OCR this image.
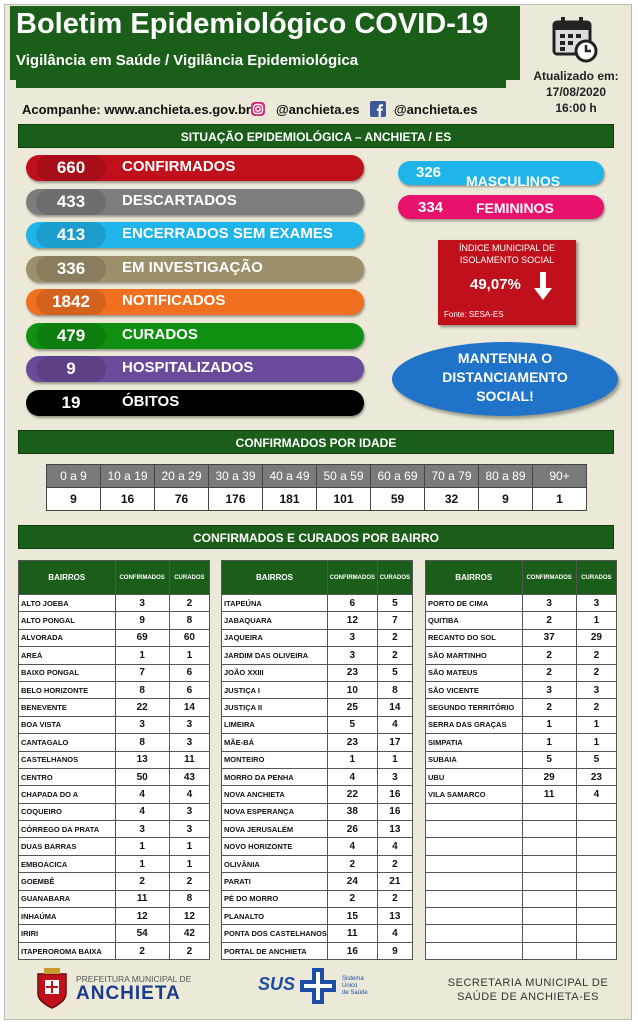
Boletim Epidemiológico COVID-19
Vigilância em Saúde / Vigilância Epidemiológica
Atualizado em:
17/08/2020
16:00 h
Acompanhe: www.anchieta.es.gov.br @anchieta.es	@anchieta.es
SITUAÇÃO EPIDEMIOLÓGICA – ANCHIETA / ES
660	CONFIRMADOS
433	DESCARTADOS
413	ENCERRADOS SEM EXAMES
336	EM INVESTIGAÇÃO
1842	NOTIFICADOS
479	CURADOS
9	HOSPITALIZADOS
19	ÓBITOS
326 MASCULINOS
334 FEMININOS
ÍNDICE MUNICIPAL DE ISOLAMENTO SOCIAL
49,07%
Fonte: SESA-ES
MANTENHA O DISTANCIAMENTO SOCIAL!
CONFIRMADOS POR IDADE
0 a 9	10 a 19	20 a 29	30 a 39	40 a 49	50 a 59	60 a 69	70 a 79	80 a 89	90+
9	16	76	176	181	101	59	32	9	1
CONFIRMADOS E CURADOS POR BAIRRO
BAIRROS	CONFIRMADOS	CURADOS
ALTO JOEBA	3	2
ALTO PONGAL	9	8
ALVORADA	69	60
AREÁ	1	1
BAIXO PONGAL	7	6
BELO HORIZONTE	8	6
BENEVENTE	22	14
BOA VISTA	3	3
CANTAGALO	8	3
CASTELHANOS	13	11
CENTRO	50	43
CHAPADA DO A	4	4
COQUEIRO	4	3
CÓRREGO DA PRATA	3	3
DUAS BARRAS	1	1
EMBOACICA	1	1
GOEMBÊ	2	2
GUANABARA	11	8
INHAÚMA	12	12
IRIRI	54	42
ITAPEROROMA BAIXA	2	2
BAIRROS	CONFIRMADOS	CURADOS
ITAPEÚNA	6	5
JABAQUARA	12	7
JAQUEIRA	3	2
JARDIM DAS OLIVEIRA	3	2
JOÃO XXIII	23	5
JUSTIÇA I	10	8
JUSTIÇA II	25	14
LIMEIRA	5	4
MÃE-BÁ	23	17
MONTEIRO	1	1
MORRO DA PENHA	4	3
NOVA ANCHIETA	22	16
NOVA ESPERANÇA	38	16
NOVA JERUSALÉM	26	13
NOVO HORIZONTE	4	4
OLIVÂNIA	2	2
PARATI	24	21
PÉ DO MORRO	2	2
PLANALTO	15	13
PONTA DOS CASTELHANOS	11	4
PORTAL DE ANCHIETA	16	9
BAIRROS	CONFIRMADOS	CURADOS
PORTO DE CIMA	3	3
QUITIBA	2	1
RECANTO DO SOL	37	29
SÃO MARTINHO	2	2
SÃO MATEUS	2	2
SÃO VICENTE	3	3
SEGUNDO TERRITÓRIO	2	2
SERRA DAS GRAÇAS	1	1
SIMPATIA	1	1
SUBAIA	5	5
UBU	29	23
VILA SAMARCO	11	4

PREFEITURA MUNICIPAL DE
ANCHIETA	SUS	Sistema
Único
de Saúde
SECRETARIA MUNICIPAL DE SAÚDE DE ANCHIETA-ES
